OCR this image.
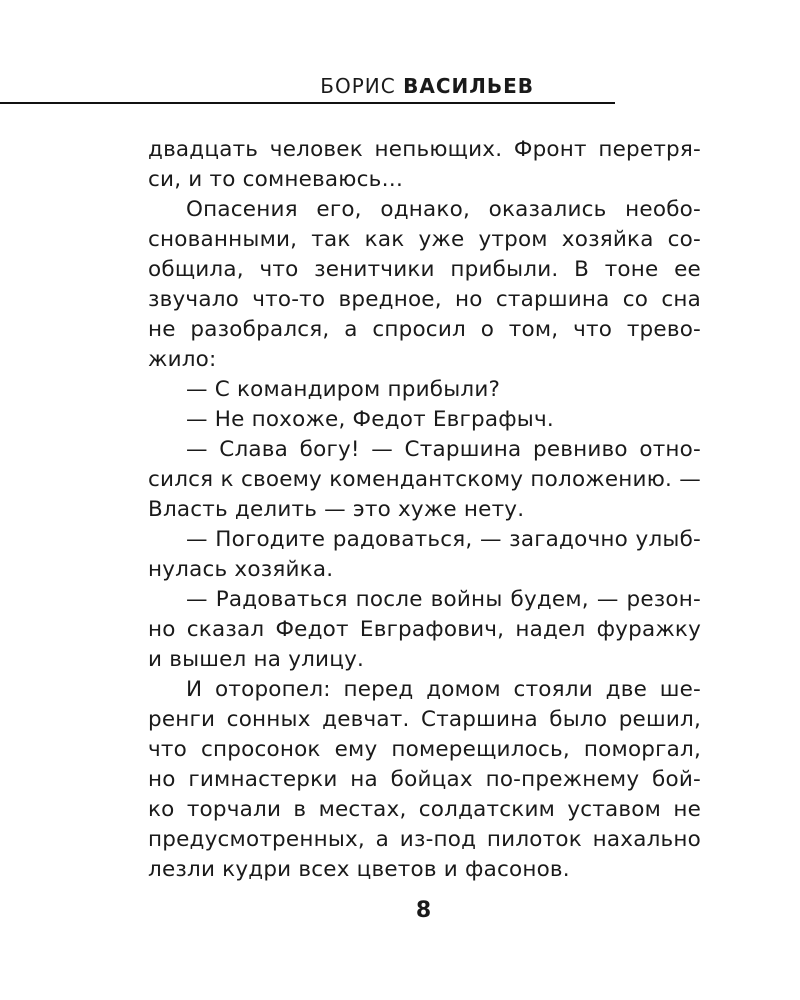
БОРИС ВАСИЛЬЕВ
двадцать человек непьющих. Фронт перетря-
си, и то сомневаюсь…
Опасения его, однако, оказались необо-
снованными, так как уже утром хозяйка со-
общила, что зенитчики прибыли. В тоне ее
звучало что-то вредное, но старшина со сна
не разобрался, а спросил о том, что трево-
жило:
— С командиром прибыли?
— Не похоже, Федот Евграфыч.
— Слава богу! — Старшина ревниво отно-
сился к своему комендантскому положению. —
Власть делить — это хуже нету.
— Погодите радоваться, — загадочно улыб-
нулась хозяйка.
— Радоваться после войны будем, — резон-
но сказал Федот Евграфович, надел фуражку
и вышел на улицу.
И оторопел: перед домом стояли две ше-
ренги сонных девчат. Старшина было решил,
что спросонок ему померещилось, поморгал,
но гимнастерки на бойцах по-прежнему бой-
ко торчали в местах, солдатским уставом не
предусмотренных, а из-под пилоток нахально
лезли кудри всех цветов и фасонов.
8
